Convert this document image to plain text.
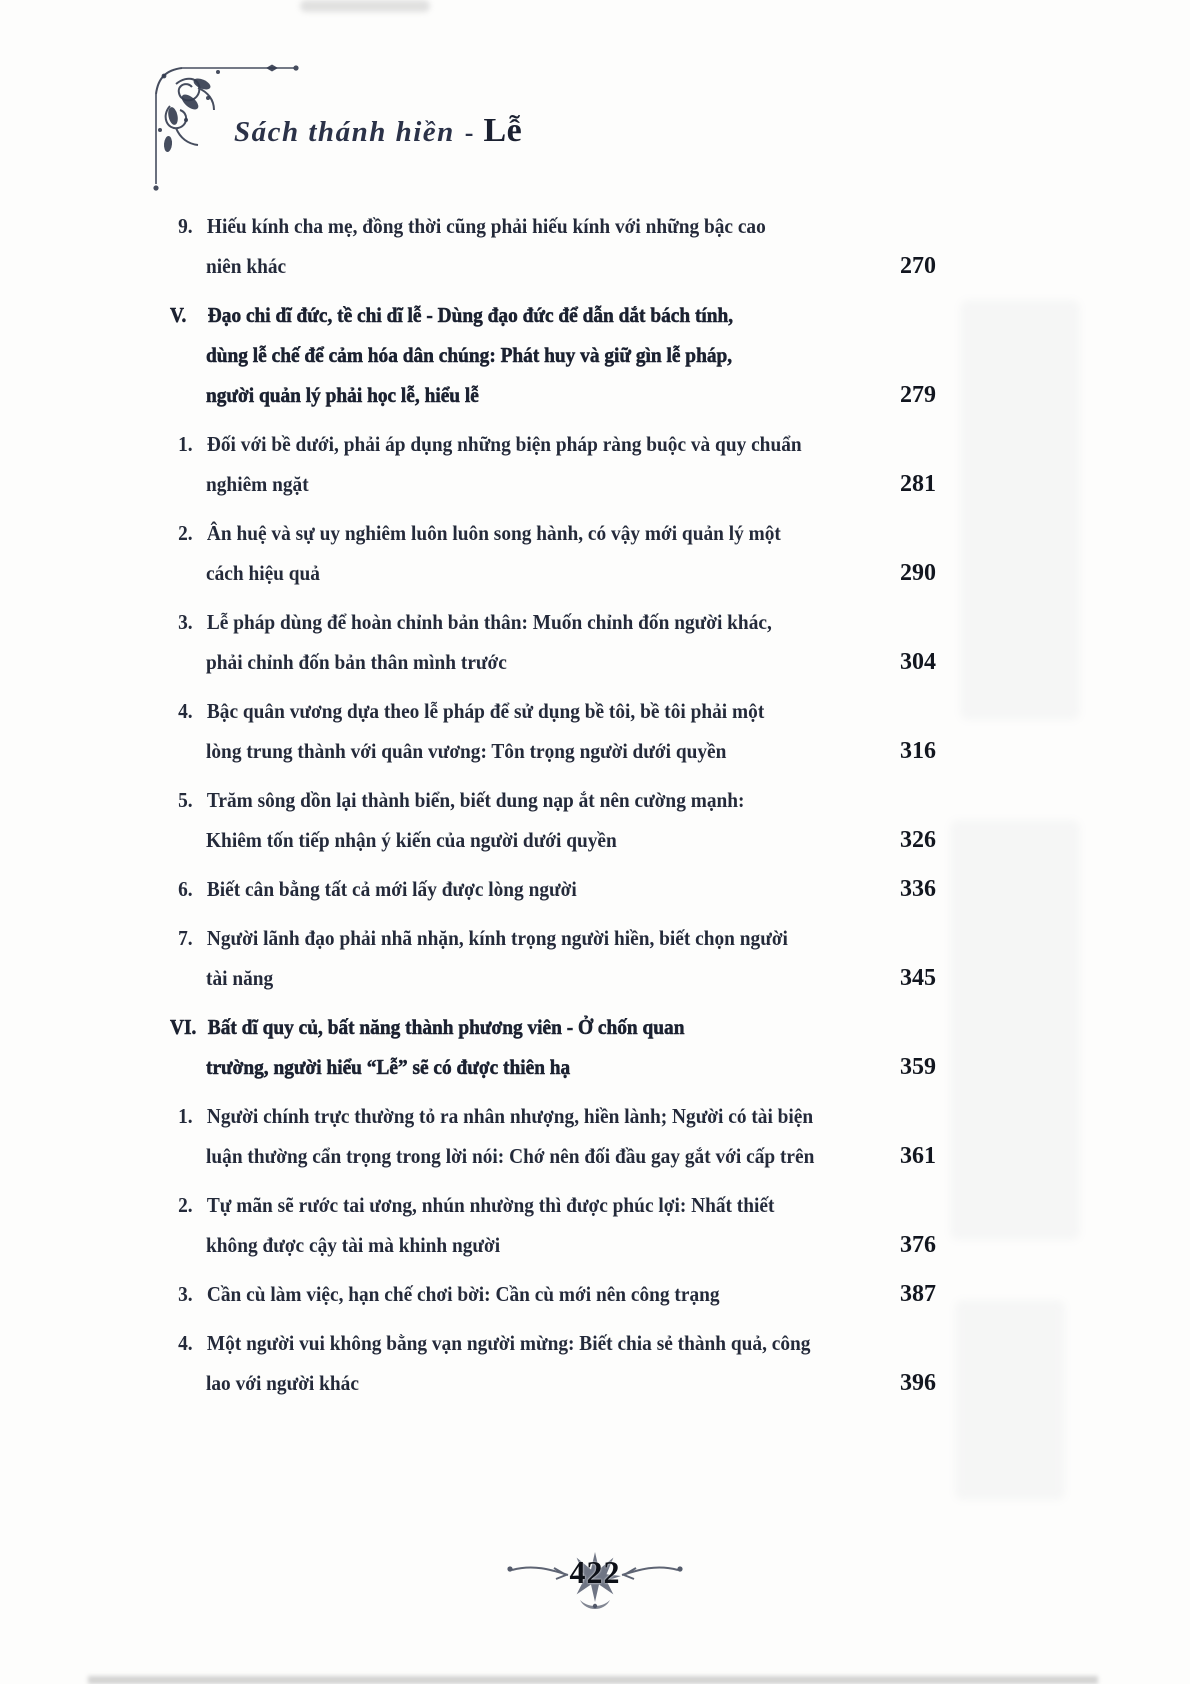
Sách thánh hiền - Lễ
9. Hiếu kính cha mẹ, đồng thời cũng phải hiếu kính với những bậc cao
niên khác	270
V. Đạo chi dĩ đức, tề chi dĩ lễ - Dùng đạo đức để dẫn dắt bách tính,
dùng lễ chế để cảm hóa dân chúng: Phát huy và giữ gìn lễ pháp,
người quản lý phải học lễ, hiểu lễ	279
1. Đối với bề dưới, phải áp dụng những biện pháp ràng buộc và quy chuẩn
nghiêm ngặt	281
2. Ân huệ và sự uy nghiêm luôn luôn song hành, có vậy mới quản lý một
cách hiệu quả	290
3. Lễ pháp dùng để hoàn chỉnh bản thân: Muốn chỉnh đốn người khác,
phải chỉnh đốn bản thân mình trước	304
4. Bậc quân vương dựa theo lễ pháp để sử dụng bề tôi, bề tôi phải một
lòng trung thành với quân vương: Tôn trọng người dưới quyền	316
5. Trăm sông dồn lại thành biển, biết dung nạp ắt nên cường mạnh:
Khiêm tốn tiếp nhận ý kiến của người dưới quyền	326
6. Biết cân bằng tất cả mới lấy được lòng người	336
7. Người lãnh đạo phải nhã nhặn, kính trọng người hiền, biết chọn người
tài năng	345
VI. Bất dĩ quy củ, bất năng thành phương viên - Ở chốn quan
trường, người hiểu “Lễ” sẽ có được thiên hạ	359
1. Người chính trực thường tỏ ra nhân nhượng, hiền lành; Người có tài biện
luận thường cẩn trọng trong lời nói: Chớ nên đối đầu gay gắt với cấp trên	361
2. Tự mãn sẽ rước tai ương, nhún nhường thì được phúc lợi: Nhất thiết
không được cậy tài mà khinh người	376
3. Cần cù làm việc, hạn chế chơi bời: Cần cù mới nên công trạng	387
4. Một người vui không bằng vạn người mừng: Biết chia sẻ thành quả, công
lao với người khác	396
422
